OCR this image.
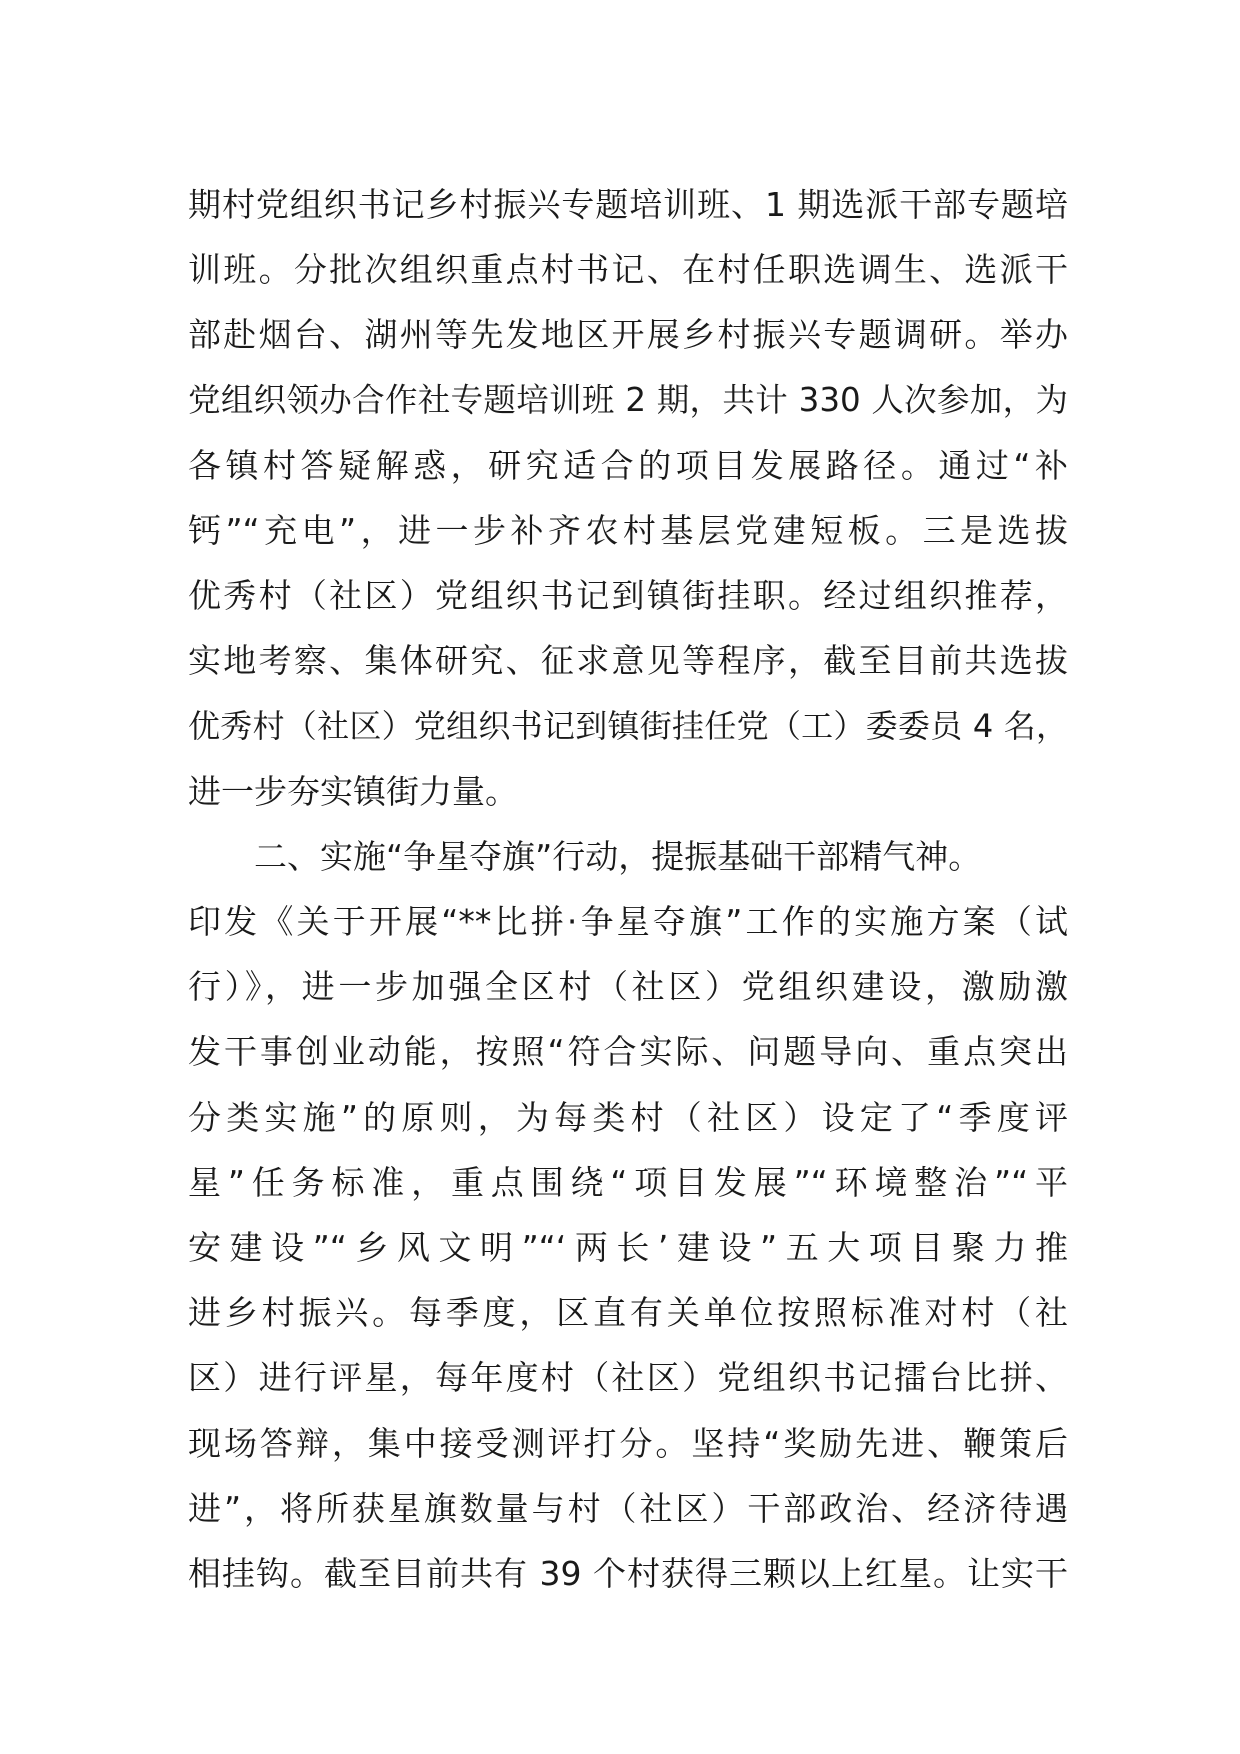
期村党组织书记乡村振兴专题培训班、1 期选派干部专题培
训班。分批次组织重点村书记、在村任职选调生、选派干
部赴烟台、湖州等先发地区开展乡村振兴专题调研。举办
党组织领办合作社专题培训班 2 期，共计 330 人次参加，为
各镇村答疑解惑，研究适合的项目发展路径。通过“补
钙”“充电”，进一步补齐农村基层党建短板。三是选拔
优秀村（社区）党组织书记到镇街挂职。经过组织推荐，
实地考察、集体研究、征求意见等程序，截至目前共选拔
优秀村（社区）党组织书记到镇街挂任党（工）委委员 4 名，
进一步夯实镇街力量。
二、实施“争星夺旗”行动，提振基础干部精气神。
印发《关于开展“**比拼·争星夺旗”工作的实施方案（试
行）》，进一步加强全区村（社区）党组织建设，激励激
发干事创业动能，按照“符合实际、问题导向、重点突出
分类实施”的原则，为每类村（社区）设定了“季度评
星”任务标准，重点围绕“项目发展”“环境整治”“平
安建设”“乡风文明”“‘两长’建设”五大项目聚力推
进乡村振兴。每季度，区直有关单位按照标准对村（社
区）进行评星，每年度村（社区）党组织书记擂台比拼、
现场答辩，集中接受测评打分。坚持“奖励先进、鞭策后
进”，将所获星旗数量与村（社区）干部政治、经济待遇
相挂钩。截至目前共有 39 个村获得三颗以上红星。让实干
